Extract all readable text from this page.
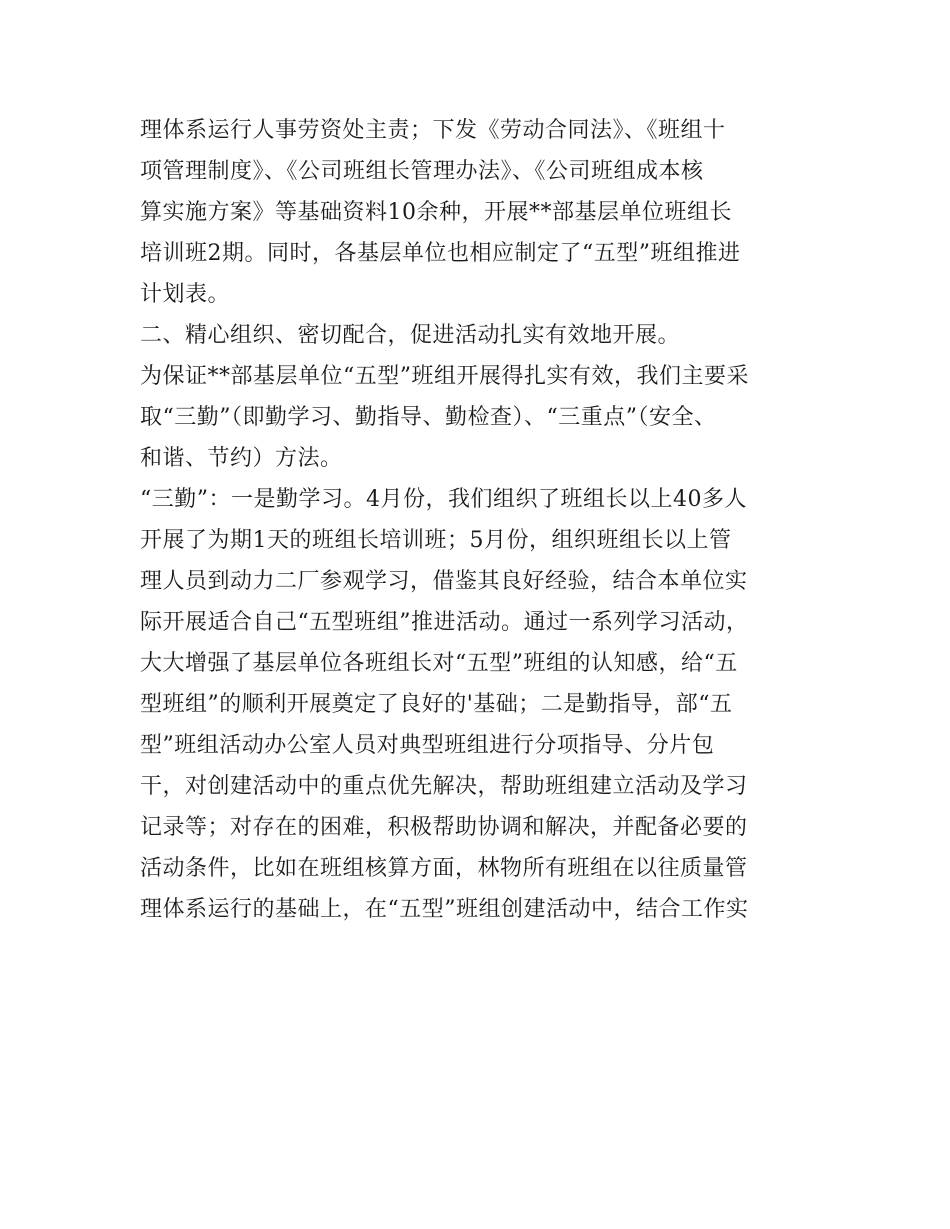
理体系运行人事劳资处主责；下发《劳动合同法》、《班组十
项管理制度》、《公司班组长管理办法》、《公司班组成本核
算实施方案》等基础资料10余种，开展**部基层单位班组长
培训班2期。同时，各基层单位也相应制定了“五型”班组推进
计划表。
二、精心组织、密切配合，促进活动扎实有效地开展。
为保证**部基层单位“五型”班组开展得扎实有效，我们主要采
取“三勤”（即勤学习、勤指导、勤检查）、“三重点”（安全、
和谐、节约）方法。
“三勤”：一是勤学习。4月份，我们组织了班组长以上40多人
开展了为期1天的班组长培训班；5月份，组织班组长以上管
理人员到动力二厂参观学习，借鉴其良好经验，结合本单位实
际开展适合自己“五型班组”推进活动。通过一系列学习活动，
大大增强了基层单位各班组长对“五型”班组的认知感，给“五
型班组”的顺利开展奠定了良好的'基础；二是勤指导，部“五
型”班组活动办公室人员对典型班组进行分项指导、分片包
干，对创建活动中的重点优先解决，帮助班组建立活动及学习
记录等；对存在的困难，积极帮助协调和解决，并配备必要的
活动条件，比如在班组核算方面，林物所有班组在以往质量管
理体系运行的基础上，在“五型”班组创建活动中，结合工作实
